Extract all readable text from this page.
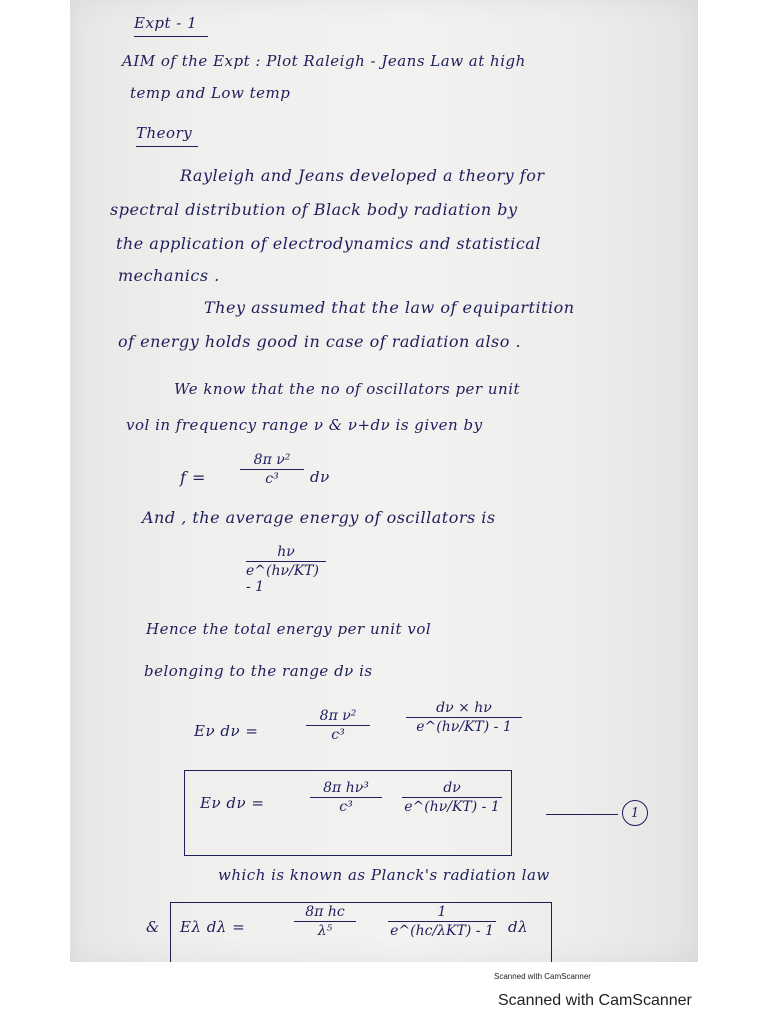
Expt - 1
AIM of the Expt : Plot Raleigh - Jeans Law at high
temp and Low temp
Theory
Rayleigh and Jeans developed a theory for
spectral distribution of Black body radiation by
the application of electrodynamics and statistical
mechanics .
They assumed that the law of equipartition
of energy holds good in case of radiation also .
We know that the no of oscillators per unit
vol in frequency range ν & ν+dν is given by
f =
8π ν²
c³ dν
And , the average energy of oscillators is
hν
e^(hν/KT) - 1
Hence the total energy per unit vol
belonging to the range dν is
Eν dν =
8π ν²
c³
dν × hν
e^(hν/KT) - 1
Eν dν =
8π hν³
c³
dν
e^(hν/KT) - 1	1
which is known as Planck's radiation law
& Eλ dλ =
8π hc
λ⁵
1
e^(hc/λKT) - 1 dλ
Scanned with CamScanner
Scanned with CamScanner
